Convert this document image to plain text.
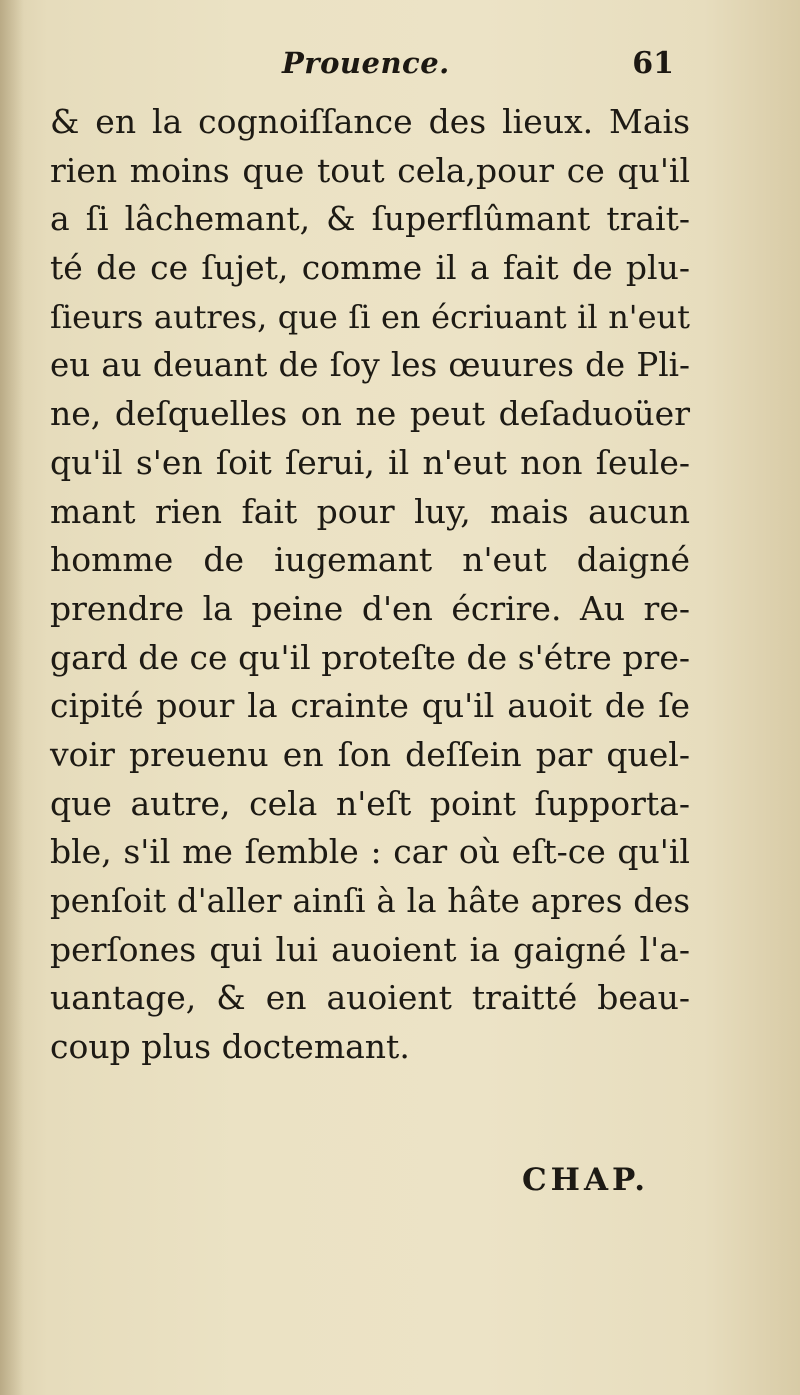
Prouence.	61
& en la cognoiſſance des lieux. Mais
rien moins que tout cela,pour ce qu'il
a ſi lâchemant, & ſuperflûmant trait-
té de ce ſujet, comme il a fait de plu-
ſieurs autres, que ſi en écriuant il n'eut
eu au deuant de ſoy les œuures de Pli-
ne, deſquelles on ne peut deſaduoüer
qu'il s'en ſoit ſerui, il n'eut non ſeule-
mant rien fait pour luy, mais aucun
homme de iugemant n'eut daigné
prendre la peine d'en écrire. Au re-
gard de ce qu'il proteſte de s'étre pre-
cipité pour la crainte qu'il auoit de ſe
voir preuenu en ſon deſſein par quel-
que autre, cela n'eſt point ſupporta-
ble, s'il me ſemble : car où eſt-ce qu'il
penſoit d'aller ainſi à la hâte apres des
perſones qui lui auoient ia gaigné l'a-
uantage, & en auoient traitté beau-
coup plus doctemant.
CHAP.
